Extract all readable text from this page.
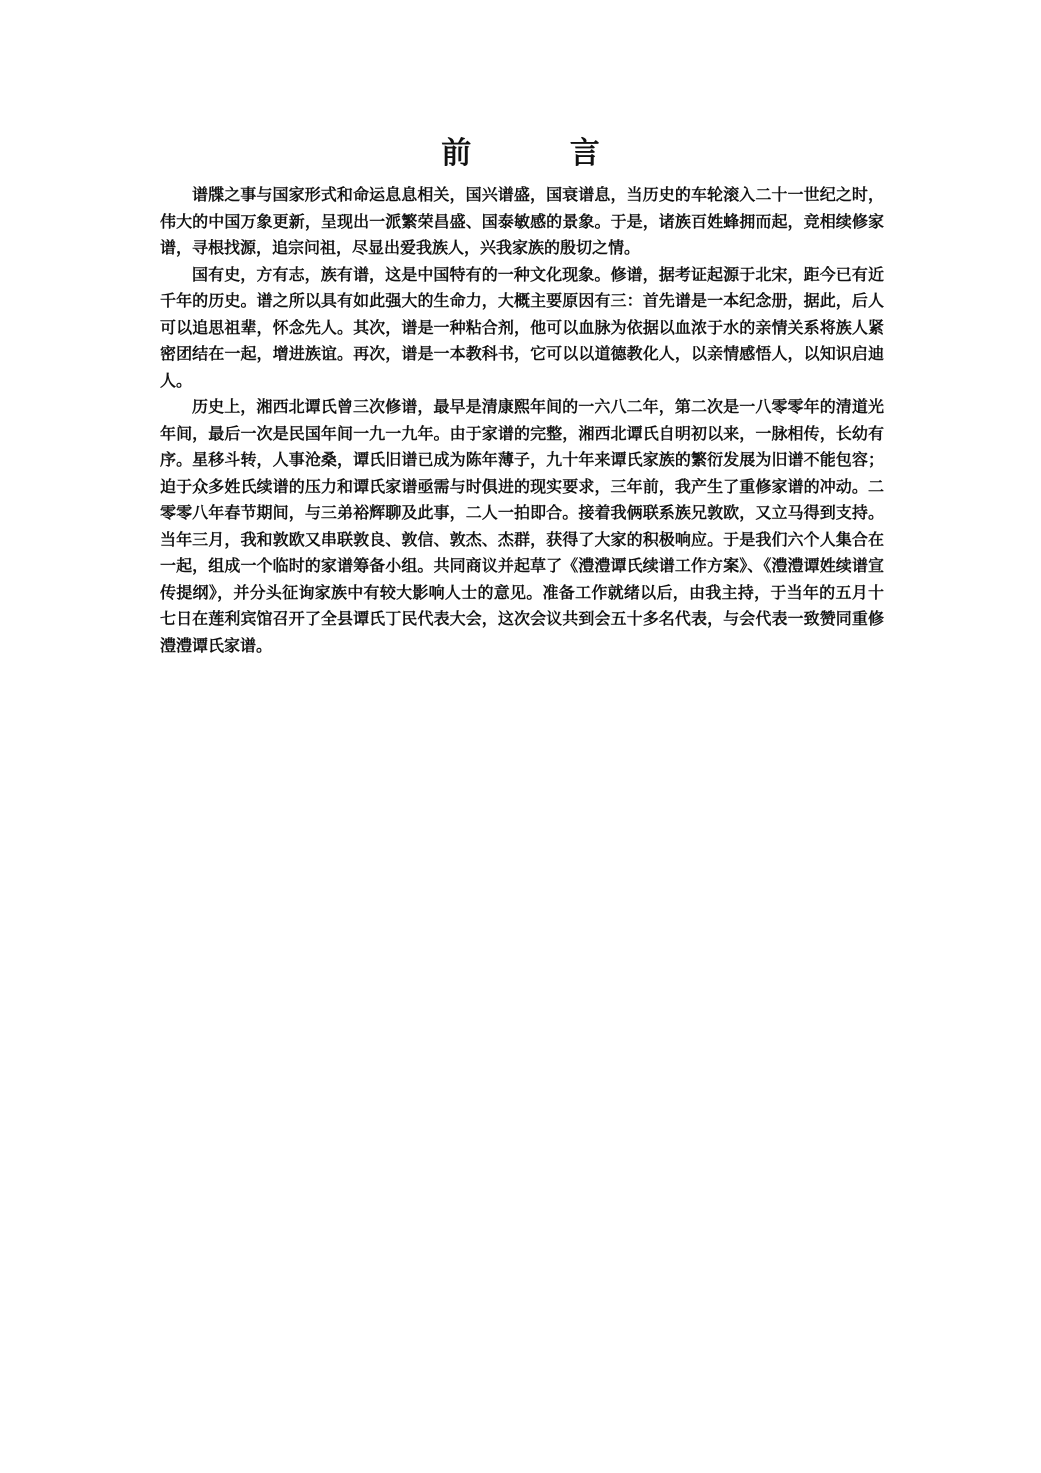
前 言

谱牒之事与国家形式和命运息息相关，国兴谱盛，国衰谱息，当历史的车轮滚入二十一世纪之时，伟大的中国万象更新，呈现出一派繁荣昌盛、国泰敏感的景象。于是，诸族百姓蜂拥而起，竞相续修家谱，寻根找源，追宗问祖，尽显出爱我族人，兴我家族的殷切之情。

国有史，方有志，族有谱，这是中国特有的一种文化现象。修谱，据考证起源于北宋，距今已有近千年的历史。谱之所以具有如此强大的生命力，大概主要原因有三：首先谱是一本纪念册，据此，后人可以追思祖辈，怀念先人。其次，谱是一种粘合剂，他可以血脉为依据以血浓于水的亲情关系将族人紧密团结在一起，增进族谊。再次，谱是一本教科书，它可以以道德教化人，以亲情感悟人，以知识启迪人。

历史上，湘西北谭氏曾三次修谱，最早是清康熙年间的一六八二年，第二次是一八零零年的清道光年间，最后一次是民国年间一九一九年。由于家谱的完整，湘西北谭氏自明初以来，一脉相传，长幼有序。星移斗转，人事沧桑，谭氏旧谱已成为陈年薄子，九十年来谭氏家族的繁衍发展为旧谱不能包容；迫于众多姓氏续谱的压力和谭氏家谱亟需与时俱进的现实要求，三年前，我产生了重修家谱的冲动。二零零八年春节期间，与三弟裕辉聊及此事，二人一拍即合。接着我俩联系族兄敦欧，又立马得到支持。当年三月，我和敦欧又串联敦良、敦信、敦杰、杰群，获得了大家的积极响应。于是我们六个人集合在一起，组成一个临时的家谱筹备小组。共同商议并起草了《澧澧谭氏续谱工作方案》、《澧澧谭姓续谱宣传提纲》，并分头征询家族中有较大影响人士的意见。准备工作就绪以后，由我主持，于当年的五月十七日在莲利宾馆召开了全县谭氏丁民代表大会，这次会议共到会五十多名代表，与会代表一致赞同重修澧澧谭氏家谱。
